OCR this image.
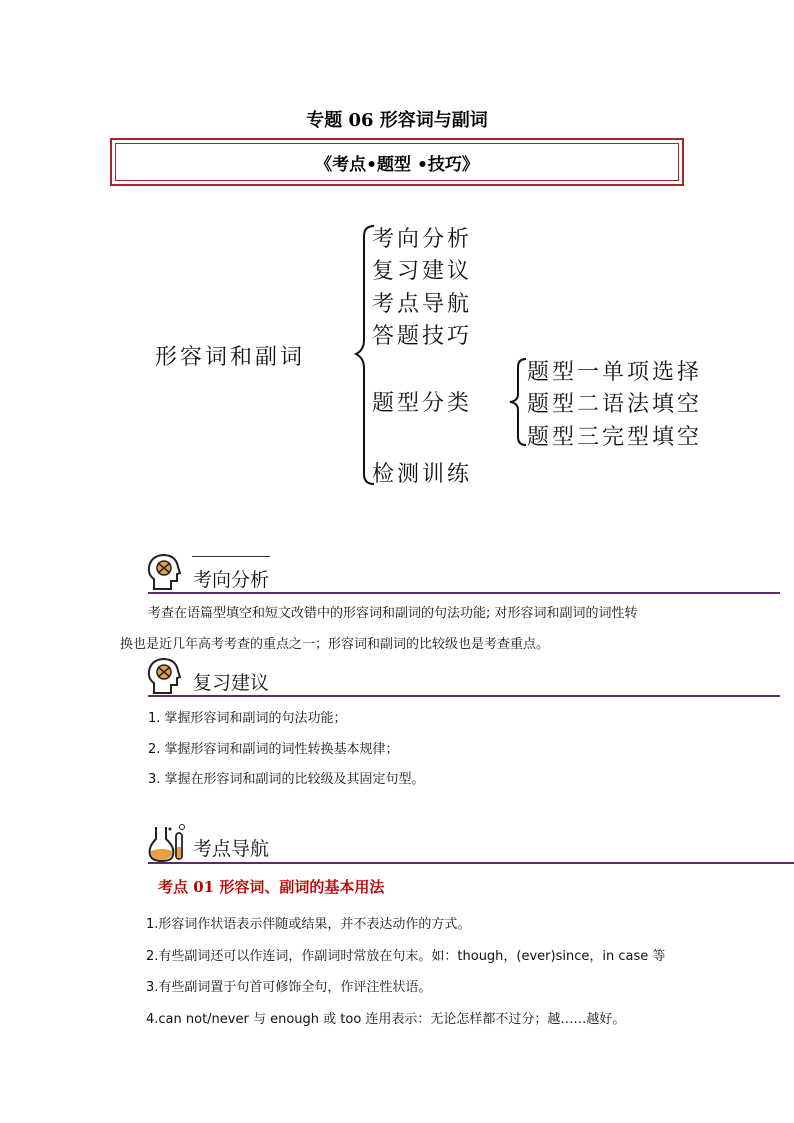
专题 06 形容词与副词
《考点•题型 •技巧》
形容词和副词
考向分析
复习建议
考点导航
答题技巧
题型分类
检测训练
题型一单项选择
题型二语法填空
题型三完型填空
考向分析
考查在语篇型填空和短文改错中的形容词和副词的句法功能; 对形容词和副词的词性转
换也是近几年高考考查的重点之一；形容词和副词的比较级也是考查重点。
复习建议
1. 掌握形容词和副词的句法功能；
2. 掌握形容词和副词的词性转换基本规律；
3. 掌握在形容词和副词的比较级及其固定句型。
考点导航
考点 01 形容词、副词的基本用法
1.形容词作状语表示伴随或结果，并不表达动作的方式。
2.有些副词还可以作连词，作副词时常放在句末。如：though，(ever)since，in case 等
3.有些副词置于句首可修饰全句，作评注性状语。
4.can not/never 与 enough 或 too 连用表示：无论怎样都不过分；越……越好。
